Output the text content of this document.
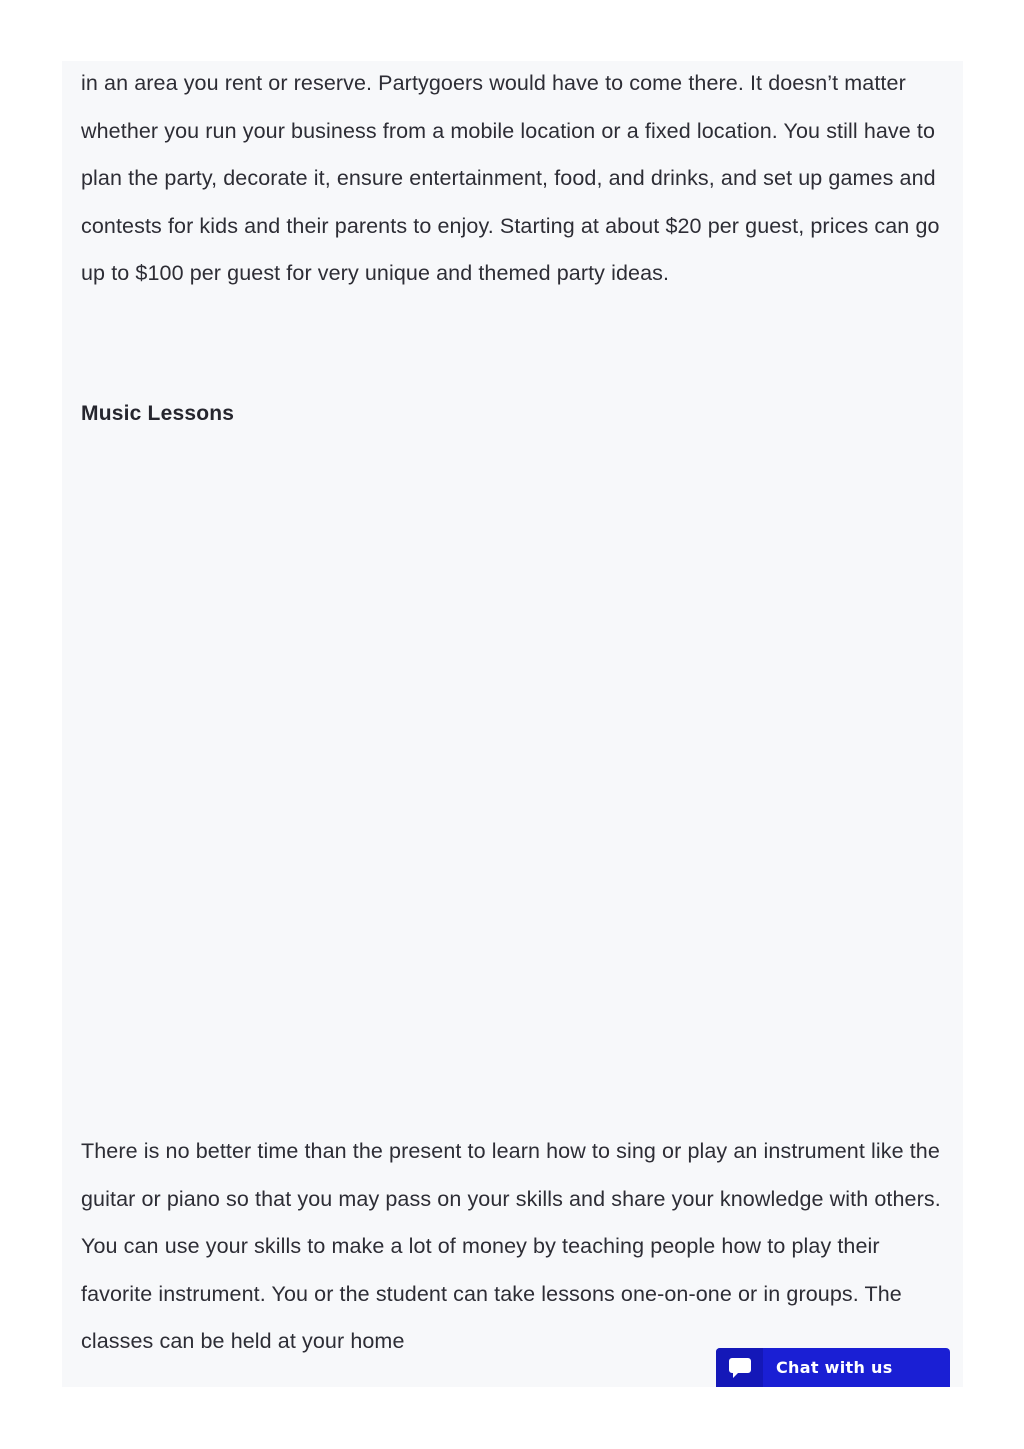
in an area you rent or reserve. Partygoers would have to come there. It doesn’t matter whether you run your business from a mobile location or a fixed location. You still have to plan the party, decorate it, ensure entertainment, food, and drinks, and set up games and contests for kids and their parents to enjoy. Starting at about $20 per guest, prices can go up to $100 per guest for very unique and themed party ideas.

Music Lessons

There is no better time than the present to learn how to sing or play an instrument like the guitar or piano so that you may pass on your skills and share your knowledge with others. You can use your skills to make a lot of money by teaching people how to play their favorite instrument. You or the student can take lessons one-on-one or in groups. The classes can be held at your home

Chat with us
